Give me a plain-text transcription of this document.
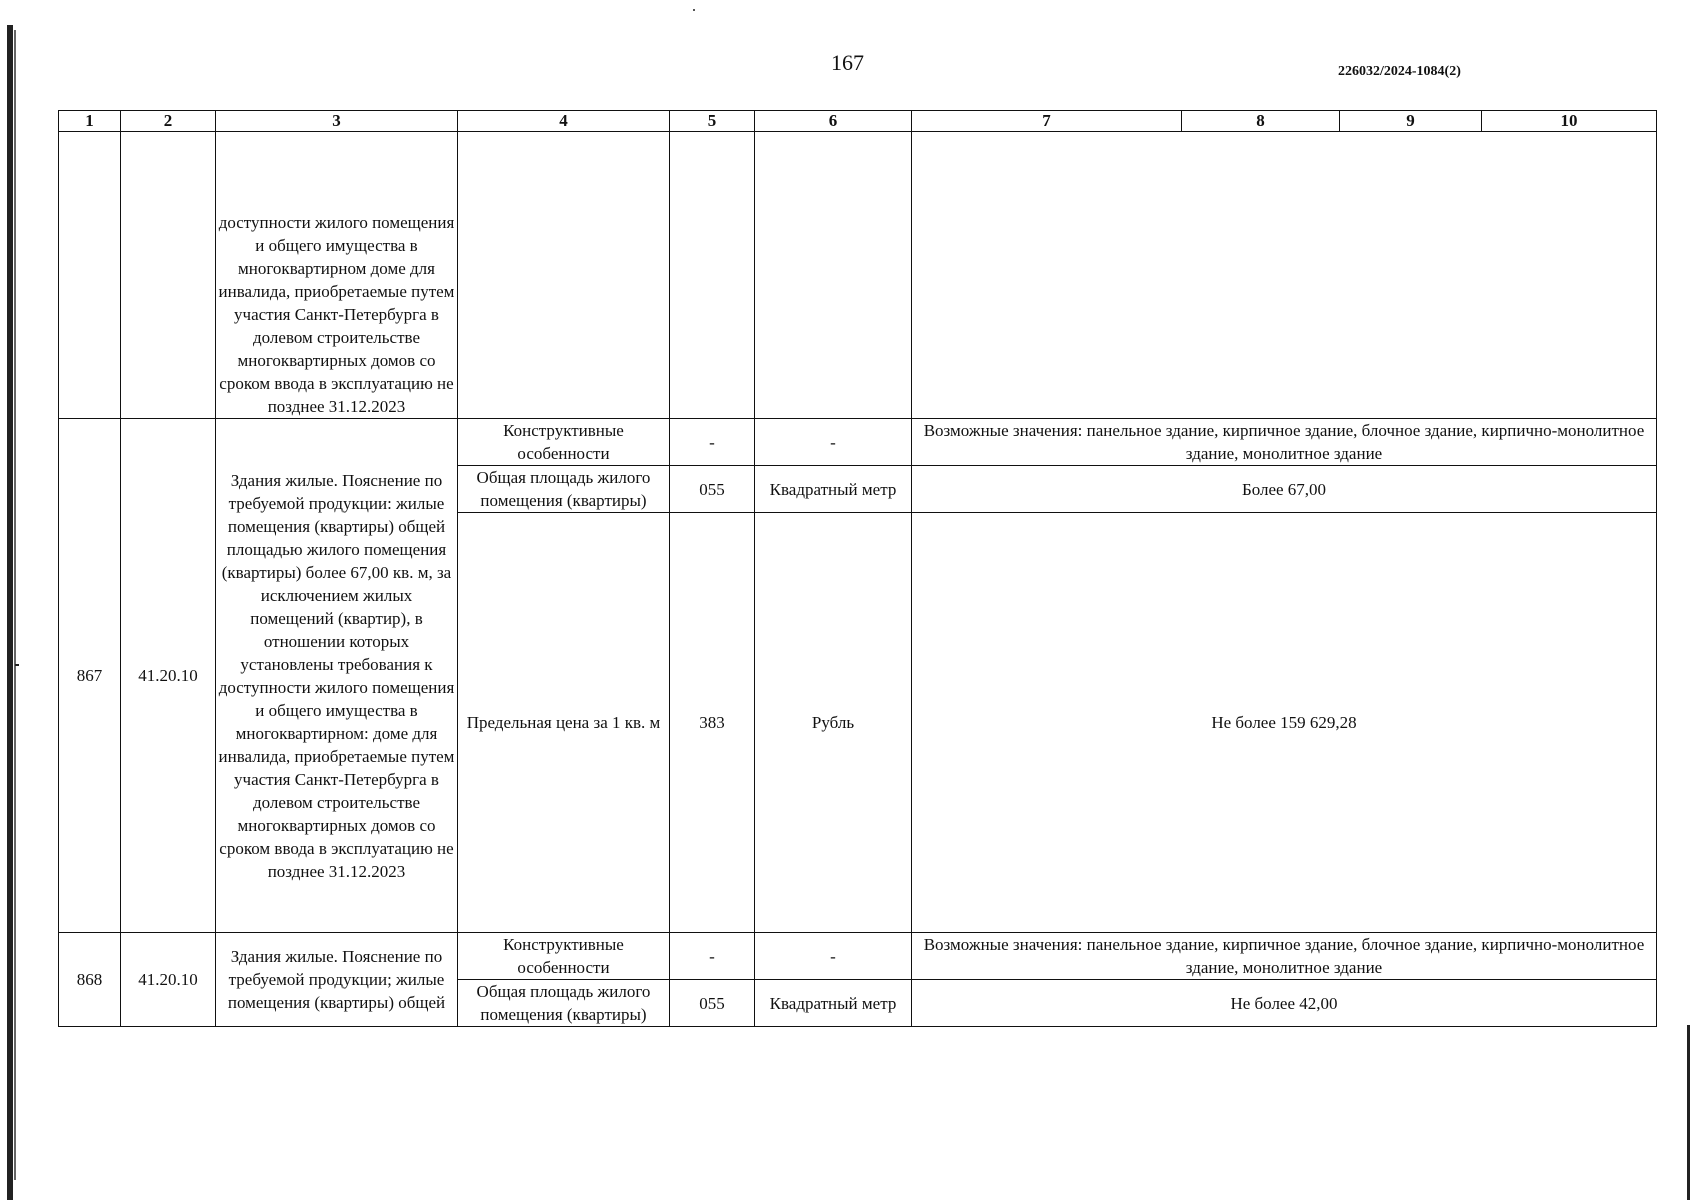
167	226032/2024-1084(2)
1	2	3	4	5	6	7	8	9	10
		доступности жилого помещения и общего имущества в многоквартирном доме для инвалида, приобретаемые путем участия Санкт-Петербурга в долевом строительстве многоквартирных домов со сроком ввода в эксплуатацию не позднее 31.12.2023							
867	41.20.10	Здания жилые. Пояснение по требуемой продукции: жилые помещения (квартиры) общей площадью жилого помещения (квартиры) более 67,00 кв. м, за исключением жилых помещений (квартир), в отношении которых установлены требования к доступности жилого помещения и общего имущества в многоквартирном: доме для инвалида, приобретаемые путем участия Санкт-Петербурга в долевом строительстве многоквартирных домов со сроком ввода в эксплуатацию не позднее 31.12.2023	Конструктивные особенности	-	-	Возможные значения: панельное здание, кирпичное здание, блочное здание, кирпично-монолитное здание, монолитное здание			
			Общая площадь жилого помещения (квартиры)	055	Квадратный метр	Более 67,00			
			Предельная цена за 1 кв. м	383	Рубль	Не более 159 629,28			
868	41.20.10	Здания жилые. Пояснение по требуемой продукции; жилые помещения (квартиры) общей	Конструктивные особенности	-	-	Возможные значения: панельное здание, кирпичное здание, блочное здание, кирпично-монолитное здание, монолитное здание			
			Общая площадь жилого помещения (квартиры)	055	Квадратный метр	Не более 42,00			
